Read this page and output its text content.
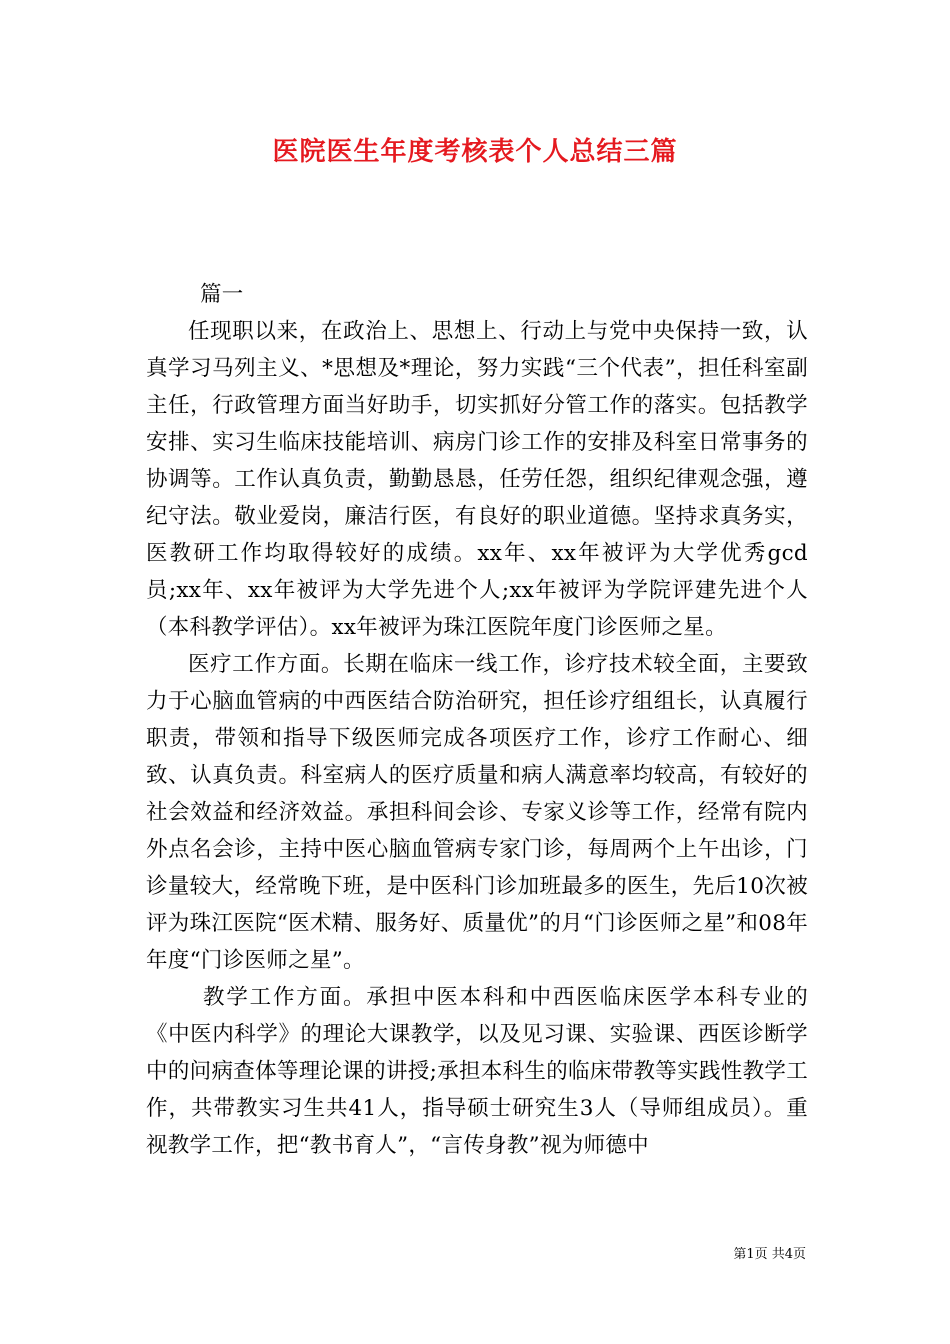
医院医生年度考核表个人总结三篇

篇一

任现职以来，在政治上、思想上、行动上与党中央保持一致，认真学习马列主义、*思想及*理论，努力实践“三个代表”，担任科室副主任，行政管理方面当好助手，切实抓好分管工作的落实。包括教学安排、实习生临床技能培训、病房门诊工作的安排及科室日常事务的协调等。工作认真负责，勤勤恳恳，任劳任怨，组织纪律观念强，遵纪守法。敬业爱岗，廉洁行医，有良好的职业道德。坚持求真务实，医教研工作均取得较好的成绩。xx年、xx年被评为大学优秀gcd员;xx年、xx年被评为大学先进个人;xx年被评为学院评建先进个人（本科教学评估）。xx年被评为珠江医院年度门诊医师之星。

医疗工作方面。长期在临床一线工作，诊疗技术较全面，主要致力于心脑血管病的中西医结合防治研究，担任诊疗组组长，认真履行职责，带领和指导下级医师完成各项医疗工作，诊疗工作耐心、细致、认真负责。科室病人的医疗质量和病人满意率均较高，有较好的社会效益和经济效益。承担科间会诊、专家义诊等工作，经常有院内外点名会诊，主持中医心脑血管病专家门诊，每周两个上午出诊，门诊量较大，经常晚下班，是中医科门诊加班最多的医生，先后10次被评为珠江医院“医术精、服务好、质量优”的月“门诊医师之星”和08年年度“门诊医师之星”。

教学工作方面。承担中医本科和中西医临床医学本科专业的《中医内科学》的理论大课教学，以及见习课、实验课、西医诊断学中的问病查体等理论课的讲授;承担本科生的临床带教等实践性教学工作，共带教实习生共41人，指导硕士研究生3人（导师组成员）。重视教学工作，把“教书育人”，“言传身教”视为师德中

第1页 共4页
